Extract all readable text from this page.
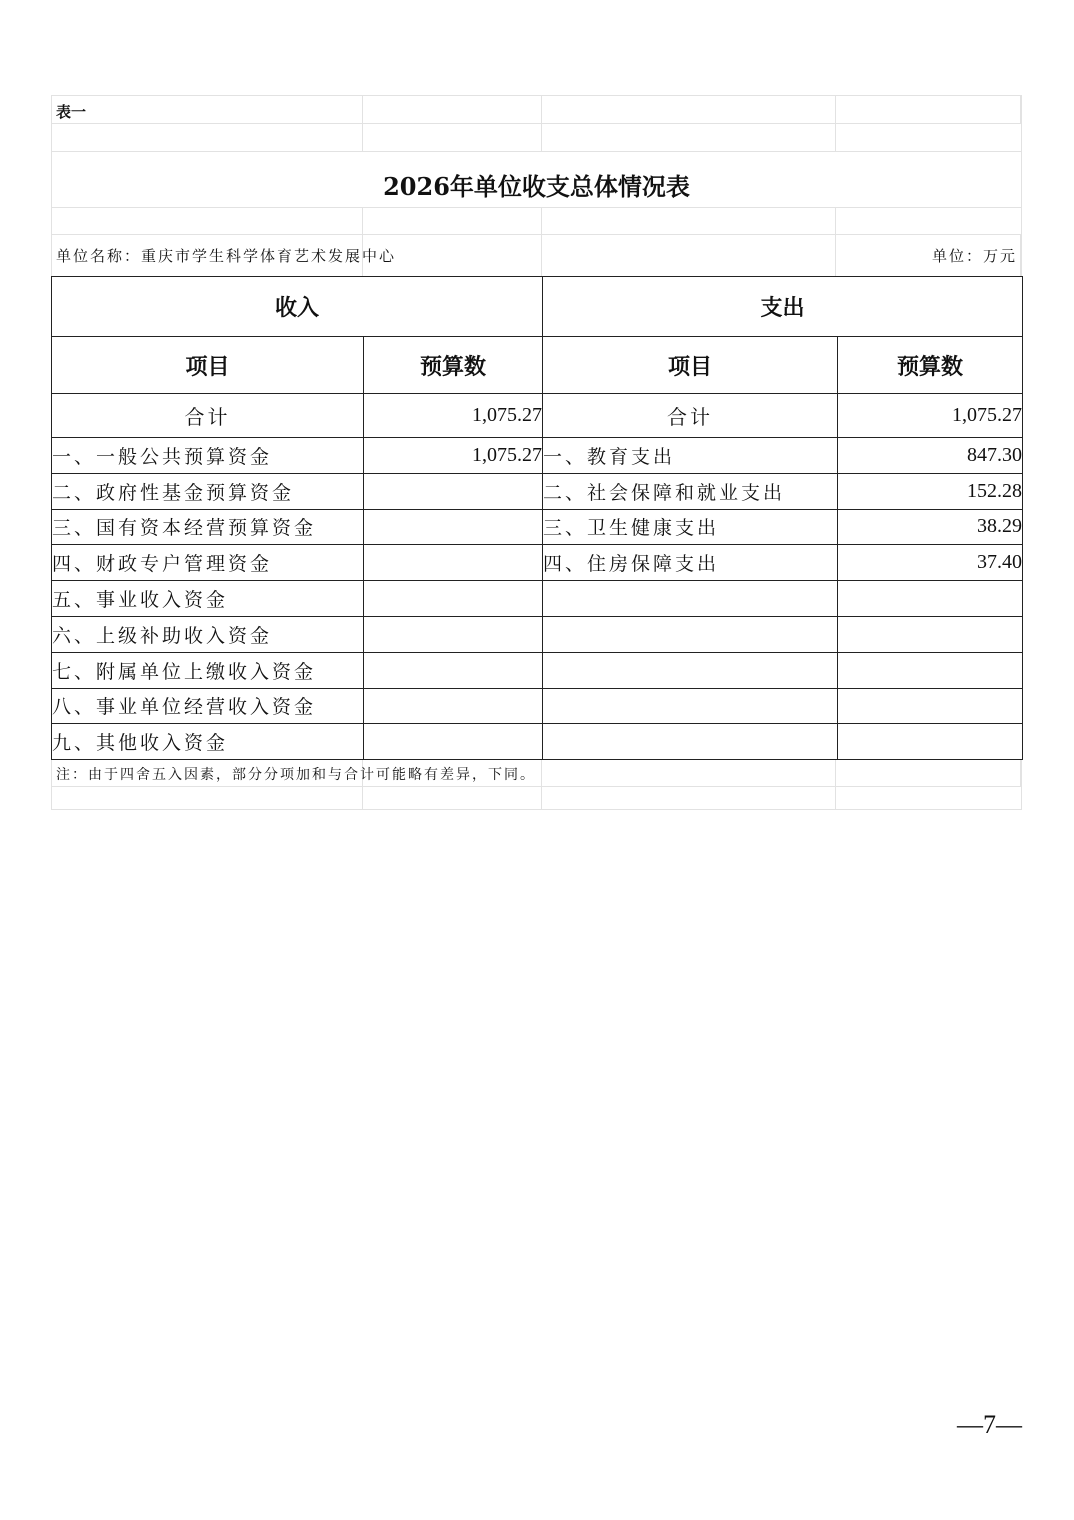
表一
2026年单位收支总体情况表
单位名称：重庆市学生科学体育艺术发展中心	单位：万元
收入		支出	
项目	预算数	项目	预算数
合计	1,075.27	合计	1,075.27
一、一般公共预算资金	1,075.27	一、教育支出	847.30
二、政府性基金预算资金		二、社会保障和就业支出	152.28
三、国有资本经营预算资金		三、卫生健康支出	38.29
四、财政专户管理资金		四、住房保障支出	37.40
五、事业收入资金			
六、上级补助收入资金			
七、附属单位上缴收入资金			
八、事业单位经营收入资金			
九、其他收入资金			
注：由于四舍五入因素，部分分项加和与合计可能略有差异，下同。
—7—
